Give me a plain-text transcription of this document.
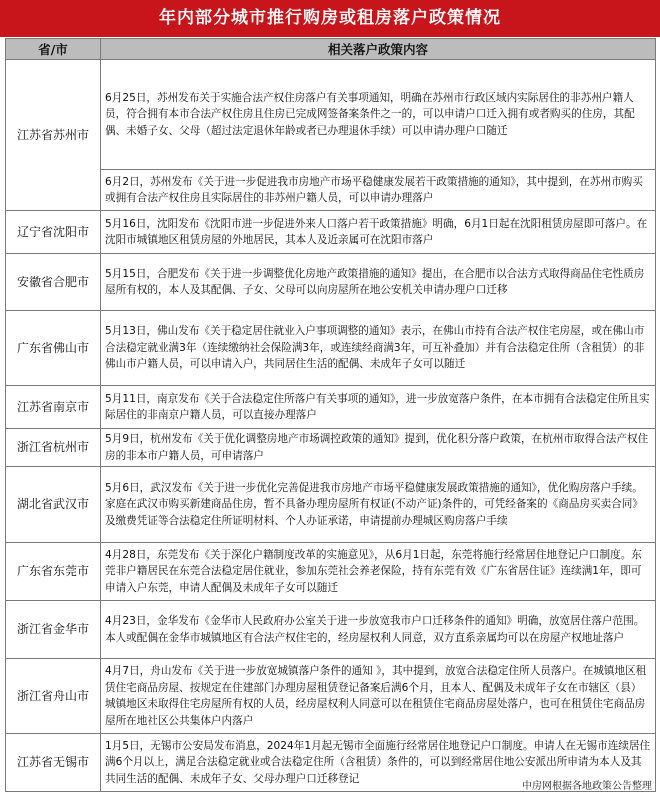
年内部分城市推行购房或租房落户政策情况
省/市	相关落户政策内容
江苏省苏州市	6月25日，苏州发布关于实施合法产权住房落户有关事项通知，明确在苏州市行政区域内实际居住的非苏州户籍人员，符合拥有本市合法产权住房且住房已完成网签备案条件之一的，可以申请户口迁入拥有或者购买的住房，其配偶、未婚子女、父母（超过法定退休年龄或者已办理退休手续）可以申请办理户口随迁
	6月2日，苏州发布《关于进一步促进我市房地产市场平稳健康发展若干政策措施的通知》，其中提到，在苏州市购买或拥有合法产权住房且实际居住的非苏州户籍人员，可以申请办理落户
辽宁省沈阳市	5月16日，沈阳发布《沈阳市进一步促进外来人口落户若干政策措施》明确，6月1日起在沈阳租赁房屋即可落户。在沈阳市城镇地区租赁房屋的外地居民，其本人及近亲属可在沈阳市落户
安徽省合肥市	5月15日，合肥发布《关于进一步调整优化房地产政策措施的通知》提出，在合肥市以合法方式取得商品住宅性质房屋所有权的，本人及其配偶、子女、父母可以向房屋所在地公安机关申请办理户口迁移
广东省佛山市	5月13日，佛山发布《关于稳定居住就业入户事项调整的通知》表示，在佛山市持有合法产权住宅房屋，或在佛山市合法稳定就业满3年（连续缴纳社会保险满3年，或连续经商满3年，可互补叠加）并有合法稳定住所（含租赁）的非佛山市户籍人员，可以申请入户，共同居住生活的配偶、未成年子女可以随迁
江苏省南京市	5月11日，南京发布《关于合法稳定住所落户有关事项的通知》，进一步放宽落户条件，在本市拥有合法稳定住所且实际居住的非南京户籍人员，可以直接办理落户
浙江省杭州市	5月9日，杭州发布《关于优化调整房地产市场调控政策的通知》提到，优化积分落户政策，在杭州市取得合法产权住房的非本市户籍人员，可申请落户
湖北省武汉市	5月6日，武汉发布《关于进一步优化完善促进我市房地产市场平稳健康发展政策措施的通知》，优化购房落户手续。家庭在武汉市购买新建商品住房，暂不具备办理房屋所有权证(不动产证)条件的，可凭经备案的《商品房买卖合同》及缴费凭证等合法稳定住所证明材料、个人办证承诺，申请提前办理城区购房落户手续
广东省东莞市	4月28日，东莞发布《关于深化户籍制度改革的实施意见》，从6月1日起，东莞将施行经常居住地登记户口制度。东莞非户籍居民在东莞合法稳定居住就业，参加东莞社会养老保险，持有东莞有效《广东省居住证》连续满1年，即可申请入户东莞，申请人配偶及未成年子女可以随迁
浙江省金华市	4月23日，金华发布《金华市人民政府办公室关于进一步放宽我市户口迁移条件的通知》明确，放宽居住落户范围。本人或配偶在金华市城镇地区有合法产权住宅的，经房屋权利人同意，双方直系亲属均可以在房屋产权地址落户
浙江省舟山市	4月7日，舟山发布《关于进一步放宽城镇落户条件的通知 》，其中提到，放宽合法稳定住所人员落户。在城镇地区租赁住宅商品房屋、按规定在住建部门办理房屋租赁登记备案后满6个月，且本人、配偶及未成年子女在市辖区（县）城镇地区未取得住宅房屋所有权的人员，经房屋权利人同意可以在租赁住宅商品房屋处落户，也可在租赁住宅商品房屋所在地社区公共集体户内落户
江苏省无锡市	1月5日，无锡市公安局发布消息，2024年1月起无锡市全面施行经常居住地登记户口制度。申请人在无锡市连续居住满6个月以上，满足合法稳定就业或合法稳定住所（含租赁）条件的，可以到经常居住地公安派出所申请为本人及其共同生活的配偶、未成年子女、父母办理户口迁移登记
中房网根据各地政策公告整理
